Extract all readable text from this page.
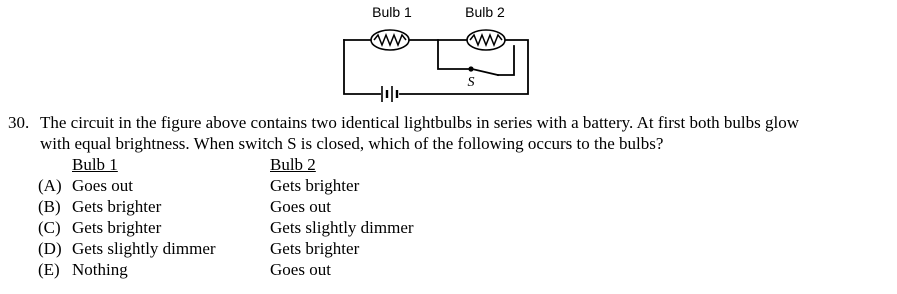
Bulb 1	Bulb 2
S
30. The circuit in the figure above contains two identical lightbulbs in series with a battery. At first both bulbs glow
with equal brightness. When switch S is closed, which of the following occurs to the bulbs?
Bulb 1	Bulb 2
(A) Goes out	Gets brighter
(B) Gets brighter	Goes out
(C) Gets brighter	Gets slightly dimmer
(D) Gets slightly dimmer	Gets brighter
(E) Nothing	Goes out
